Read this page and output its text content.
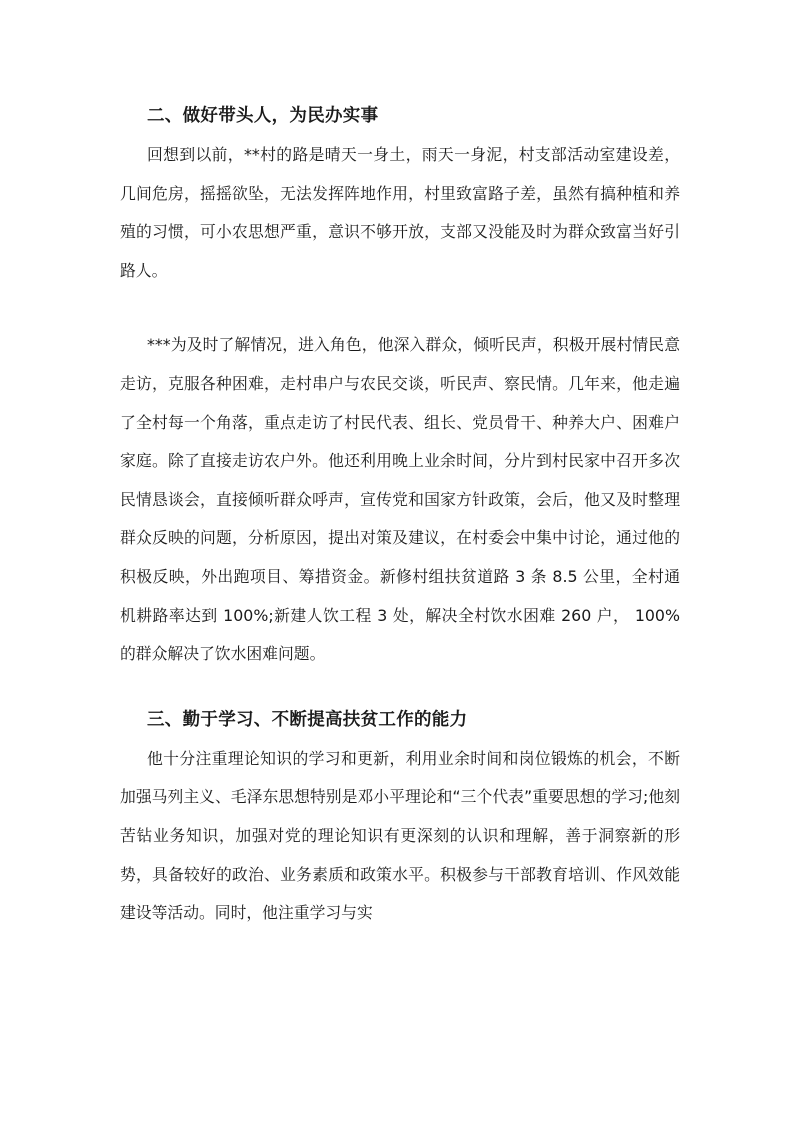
二、做好带头人，为民办实事

回想到以前，**村的路是晴天一身土，雨天一身泥，村支部活动室建设差，几间危房，摇摇欲坠，无法发挥阵地作用，村里致富路子差，虽然有搞种植和养殖的习惯，可小农思想严重，意识不够开放，支部又没能及时为群众致富当好引路人。

***为及时了解情况，进入角色，他深入群众，倾听民声，积极开展村情民意走访，克服各种困难，走村串户与农民交谈，听民声、察民情。几年来，他走遍了全村每一个角落，重点走访了村民代表、组长、党员骨干、种养大户、困难户家庭。除了直接走访农户外。他还利用晚上业余时间，分片到村民家中召开多次民情恳谈会，直接倾听群众呼声，宣传党和国家方针政策，会后，他又及时整理群众反映的问题，分析原因，提出对策及建议，在村委会中集中讨论，通过他的积极反映，外出跑项目、筹措资金。新修村组扶贫道路 3 条 8.5 公里，全村通机耕路率达到 100%;新建人饮工程 3 处，解决全村饮水困难 260 户， 100%的群众解决了饮水困难问题。

三、勤于学习、不断提高扶贫工作的能力

他十分注重理论知识的学习和更新，利用业余时间和岗位锻炼的机会，不断加强马列主义、毛泽东思想特别是邓小平理论和“三个代表”重要思想的学习;他刻苦钻业务知识，加强对党的理论知识有更深刻的认识和理解，善于洞察新的形势，具备较好的政治、业务素质和政策水平。积极参与干部教育培训、作风效能建设等活动。同时，他注重学习与实
